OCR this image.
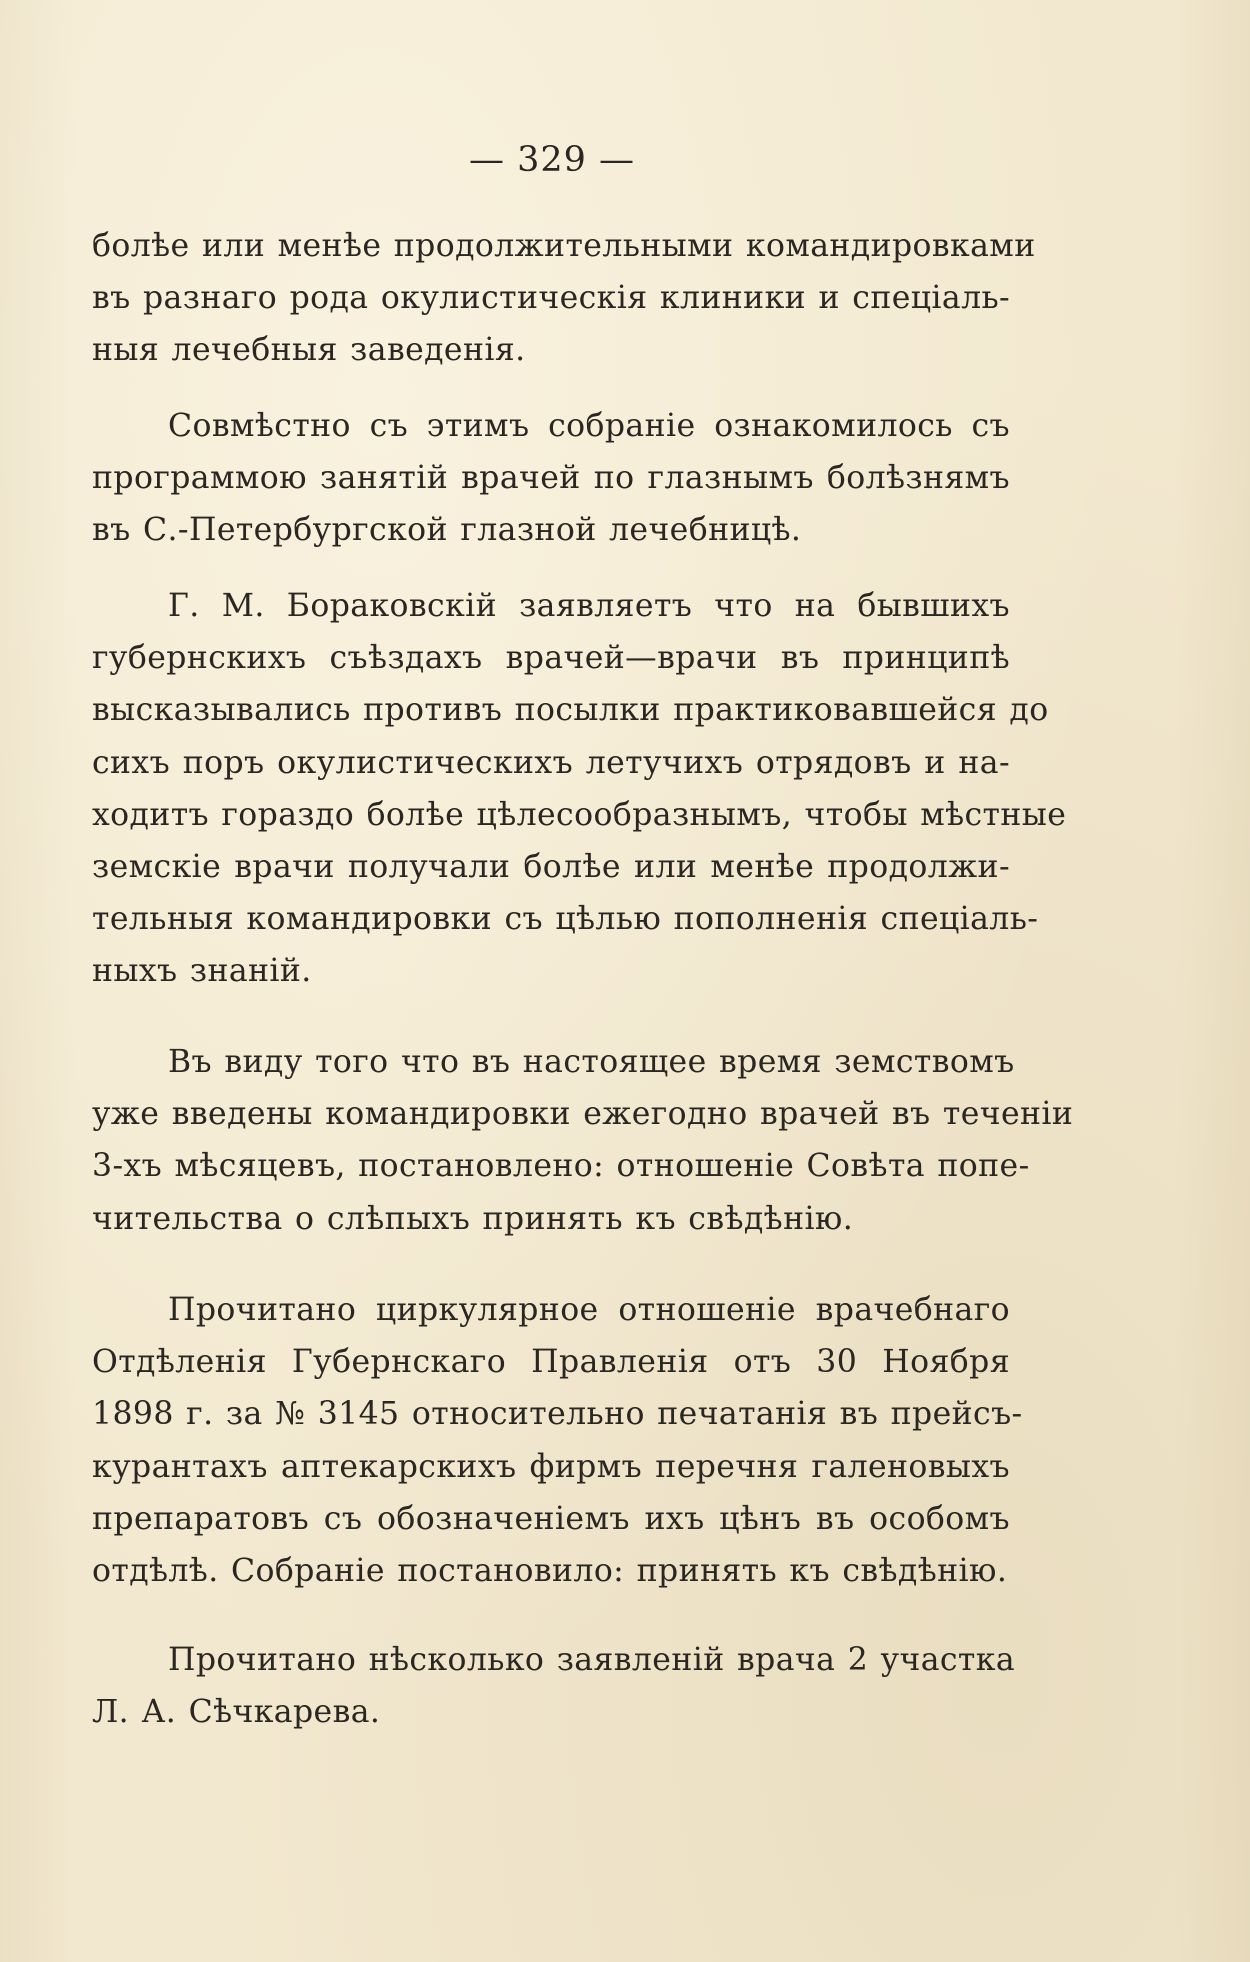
— 329 —
болѣе или менѣе продолжительными командировками
въ разнаго рода окулистическія клиники и спеціаль-
ныя лечебныя заведенія.
Совмѣстно съ этимъ собраніе ознакомилось съ
программою занятій врачей по глазнымъ болѣзнямъ
въ С.-Петербургской глазной лечебницѣ.
Г. М. Бораковскій заявляетъ что на бывшихъ
губернскихъ съѣздахъ врачей—врачи въ принципѣ
высказывались противъ посылки практиковавшейся до
сихъ поръ окулистическихъ летучихъ отрядовъ и на-
ходитъ гораздо болѣе цѣлесообразнымъ, чтобы мѣстные
земскіе врачи получали болѣе или менѣе продолжи-
тельныя командировки съ цѣлью пополненія спеціаль-
ныхъ знаній.
Въ виду того что въ настоящее время земствомъ
уже введены командировки ежегодно врачей въ теченіи
3-хъ мѣсяцевъ, постановлено: отношеніе Совѣта попе-
чительства о слѣпыхъ принять къ свѣдѣнію.
Прочитано циркулярное отношеніе врачебнаго
Отдѣленія Губернскаго Правленія отъ 30 Ноября
1898 г. за № 3145 относительно печатанія въ прейсъ-
курантахъ аптекарскихъ фирмъ перечня галеновыхъ
препаратовъ съ обозначеніемъ ихъ цѣнъ въ особомъ
отдѣлѣ. Собраніе постановило: принять къ свѣдѣнію.
Прочитано нѣсколько заявленій врача 2 участка
Л. А. Сѣчкарева.
